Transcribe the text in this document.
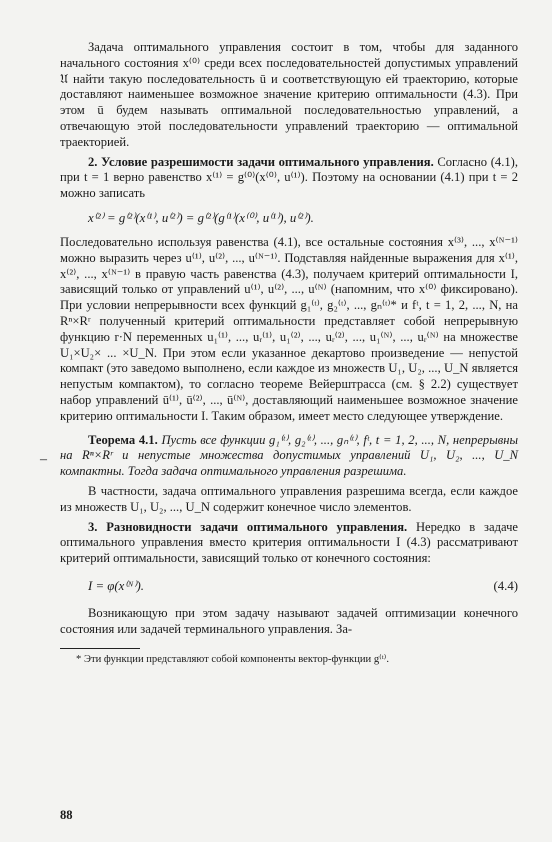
Задача оптимального управления состоит в том, чтобы для заданного начального состояния x⁽⁰⁾ среди всех последовательностей допустимых управлений 𝔘 найти такую последовательность ū и соответствующую ей траекторию, которые доставляют наименьшее возможное значение критерию оптимальности (4.3). При этом ū будем называть оптимальной последовательностью управлений, а отвечающую этой последовательности управлений траекторию — оптимальной траекторией.

2. Условие разрешимости задачи оптимального управления. Согласно (4.1), при t = 1 верно равенство x⁽¹⁾ = g⁽⁰⁾(x⁽⁰⁾, u⁽¹⁾). Поэтому на основании (4.1) при t = 2 можно записать

x⁽²⁾ = g⁽²⁾(x⁽¹⁾, u⁽²⁾) = g⁽²⁾(g⁽¹⁾(x⁽⁰⁾, u⁽¹⁾), u⁽²⁾).

Последовательно используя равенства (4.1), все остальные состояния x⁽³⁾, ..., x⁽ᴺ⁻¹⁾ можно выразить через u⁽¹⁾, u⁽²⁾, ..., u⁽ᴺ⁻¹⁾. Подставляя найденные выражения для x⁽¹⁾, x⁽²⁾, ..., x⁽ᴺ⁻¹⁾ в правую часть равенства (4.3), получаем критерий оптимальности I, зависящий только от управлений u⁽¹⁾, u⁽²⁾, ..., u⁽ᴺ⁾ (напомним, что x⁽⁰⁾ фиксировано). При условии непрерывности всех функций g₁⁽ᵗ⁾, g₂⁽ᵗ⁾, ..., gₙ⁽ᵗ⁾* и fᵗ, t = 1, 2, ..., N, на Rⁿ×Rʳ полученный критерий оптимальности представляет собой непрерывную функцию r·N переменных u₁⁽¹⁾, ..., uᵣ⁽¹⁾, u₁⁽²⁾, ..., uᵣ⁽²⁾, ..., u₁⁽ᴺ⁾, ..., uᵣ⁽ᴺ⁾ на множестве U₁×U₂× ... ×U_N. При этом если указанное декартово произведение — непустой компакт (это заведомо выполнено, если каждое из множеств U₁, U₂, ..., U_N является непустым компактом), то согласно теореме Вейерштрасса (см. § 2.2) существует набор управлений ū⁽¹⁾, ū⁽²⁾, ..., ū⁽ᴺ⁾, доставляющий наименьшее возможное значение критерию оптимальности I. Таким образом, имеет место следующее утверждение.

Теорема 4.1. Пусть все функции g₁⁽ᵗ⁾, g₂⁽ᵗ⁾, ..., gₙ⁽ᵗ⁾, fᵗ, t = 1, 2, ..., N, непрерывны на Rⁿ×Rʳ и непустые множества допустимых управлений U₁, U₂, ..., U_N компактны. Тогда задача оптимального управления разрешима.

В частности, задача оптимального управления разрешима всегда, если каждое из множеств U₁, U₂, ..., U_N содержит конечное число элементов.

3. Разновидности задачи оптимального управления. Нередко в задаче оптимального управления вместо критерия оптимальности I (4.3) рассматривают критерий оптимальности, зависящий только от конечного состояния:

I = φ(x⁽ᴺ⁾).	(4.4)

Возникающую при этом задачу называют задачей оптимизации конечного состояния или задачей терминального управления. За-

* Эти функции представляют собой компоненты вектор-функции g⁽ᵗ⁾.

–
88
